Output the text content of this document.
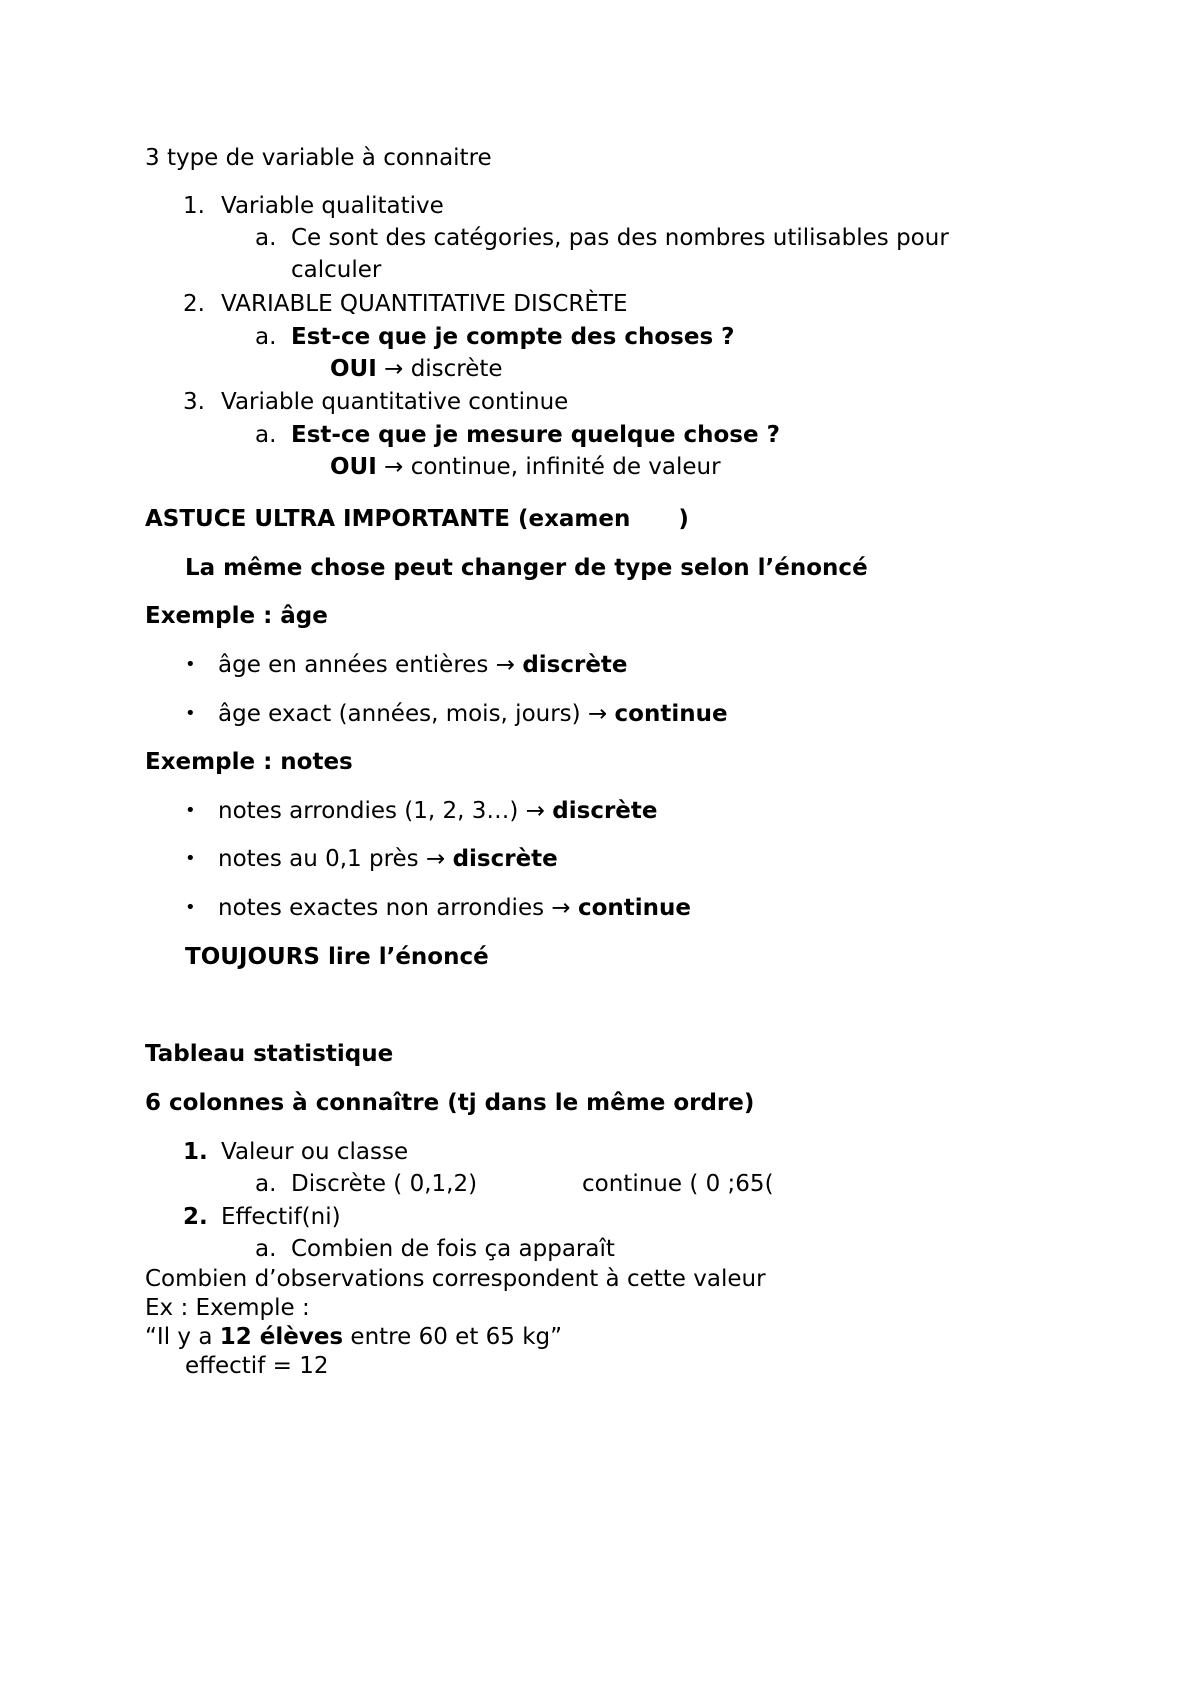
3 type de variable à connaitre
1. Variable qualitative
a. Ce sont des catégories, pas des nombres utilisables pour
calculer
2. VARIABLE QUANTITATIVE DISCRÈTE
a. Est-ce que je compte des choses ?
OUI → discrète
3. Variable quantitative continue
a. Est-ce que je mesure quelque chose ?
OUI → continue, infinité de valeur
ASTUCE ULTRA IMPORTANTE (examen      )
La même chose peut changer de type selon l’énoncé
Exemple : âge
• âge en années entières → discrète
• âge exact (années, mois, jours) → continue
Exemple : notes
• notes arrondies (1, 2, 3…) → discrète
• notes au 0,1 près → discrète
• notes exactes non arrondies → continue
TOUJOURS lire l’énoncé
Tableau statistique
6 colonnes à connaître (tj dans le même ordre)
1. Valeur ou classe
a. Discrète ( 0,1,2)	continue ( 0 ;65(
2. Effectif(ni)
a. Combien de fois ça apparaît
Combien d’observations correspondent à cette valeur
Ex : Exemple :
“Il y a 12 élèves entre 60 et 65 kg”
effectif = 12
